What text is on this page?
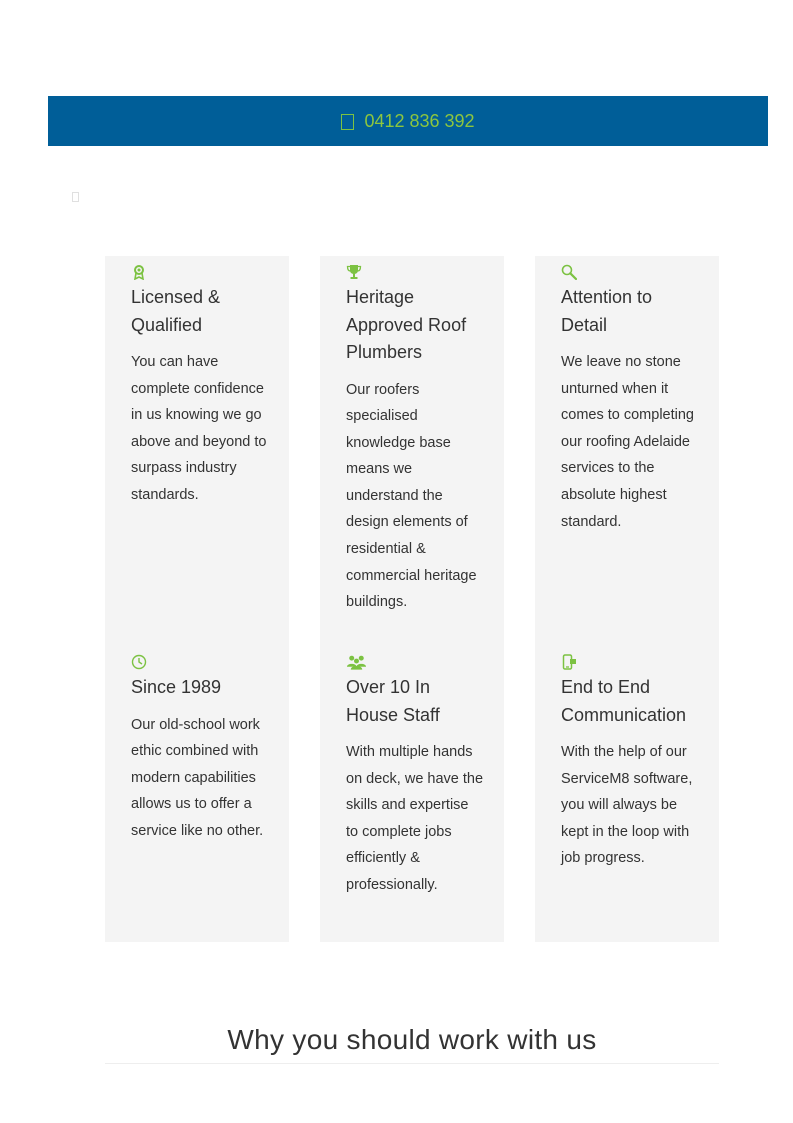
0412 836 392
Licensed & Qualified

You can have complete confidence in us knowing we go above and beyond to surpass industry standards.

Heritage Approved Roof Plumbers

Our roofers specialised knowledge base means we understand the design elements of residential & commercial heritage buildings.

Attention to Detail

We leave no stone unturned when it comes to completing our roofing Adelaide services to the absolute highest standard.

Since 1989

Our old-school work ethic combined with modern capabilities allows us to offer a service like no other.

Over 10 In House Staff

With multiple hands on deck, we have the skills and expertise to complete jobs efficiently & professionally.

End to End Communication

With the help of our ServiceM8 software, you will always be kept in the loop with job progress.

Why you should work with us
